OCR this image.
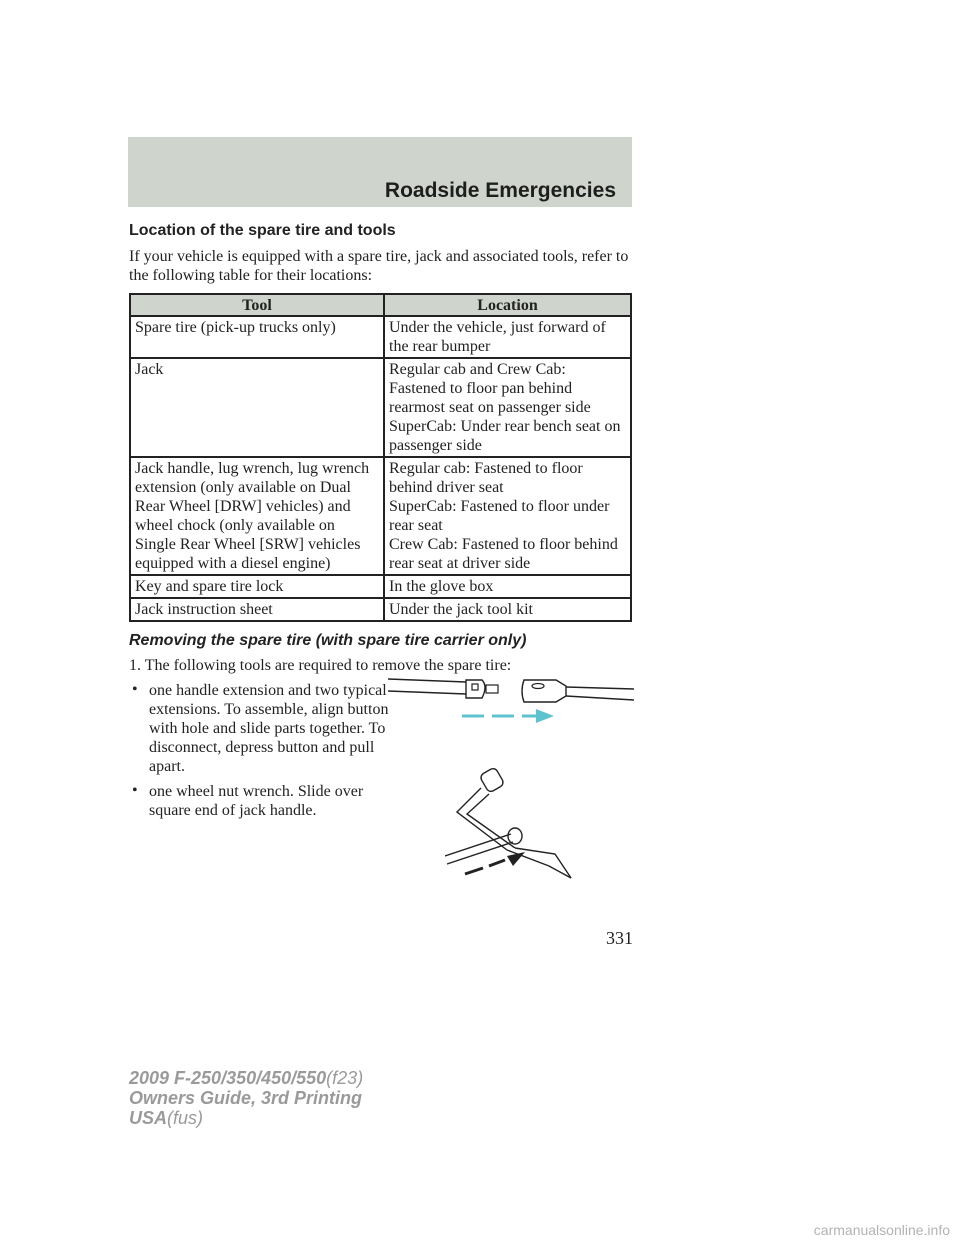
Roadside Emergencies
Location of the spare tire and tools

If your vehicle is equipped with a spare tire, jack and associated tools, refer to the following table for their locations:

Tool	Location

Spare tire (pick-up trucks only)	Under the vehicle, just forward of the rear bumper

Jack	Regular cab and Crew Cab: Fastened to floor pan behind rearmost seat on passenger side
SuperCab: Under rear bench seat on passenger side

Jack handle, lug wrench, lug wrench extension (only available on Dual Rear Wheel [DRW] vehicles) and wheel chock (only available on Single Rear Wheel [SRW] vehicles equipped with a diesel engine)	Regular cab: Fastened to floor behind driver seat
SuperCab: Fastened to floor under rear seat
Crew Cab: Fastened to floor behind rear seat at driver side

Key and spare tire lock	In the glove box

Jack instruction sheet	Under the jack tool kit
Removing the spare tire (with spare tire carrier only)

1. The following tools are required to remove the spare tire:

• one handle extension and two typical extensions. To assemble, align button with hole and slide parts together. To disconnect, depress button and pull apart.

• one wheel nut wrench. Slide over square end of jack handle.

331
2009 F-250/350/450/550(f23)
Owners Guide, 3rd Printing
USA(fus)
carmanualsonline.info
